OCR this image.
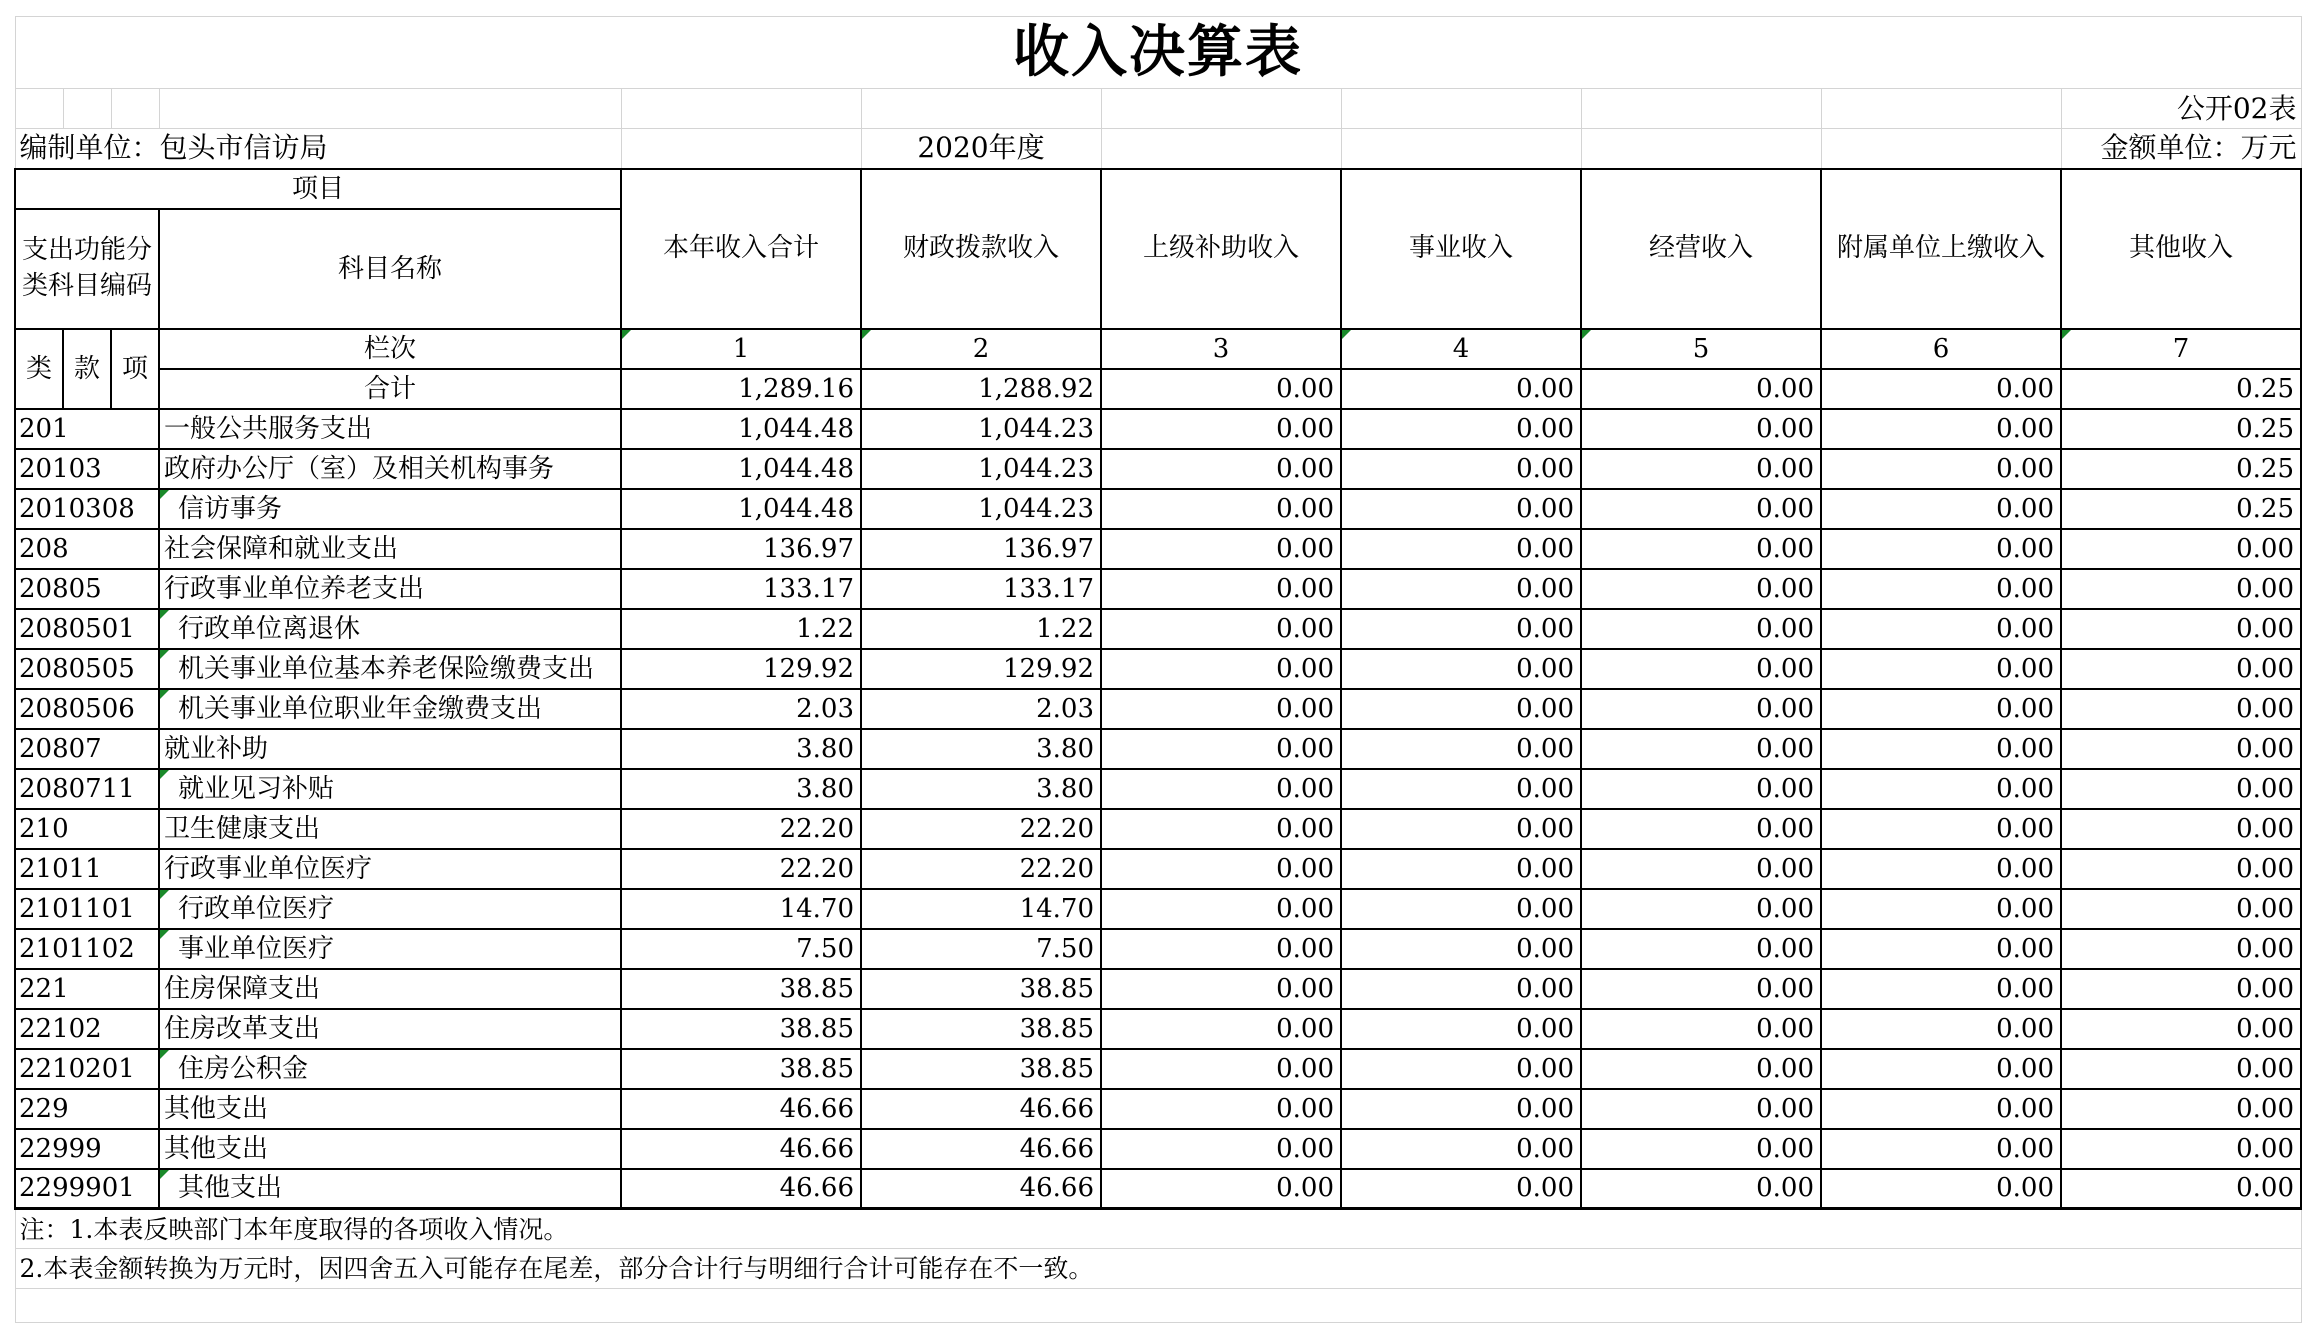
收入决算表										
										公开02表
编制单位：包头市信访局					2020年度					金额单位：万元
项目				本年收入合计	财政拨款收入	上级补助收入	事业收入	经营收入	附属单位上缴收入	其他收入
支出功能分类科目编码			科目名称							
类	款	项	栏次	1	2	3	4	5	6	7
			合计	1,289.16	1,288.92	0.00	0.00	0.00	0.00	0.25
201			一般公共服务支出	1,044.48	1,044.23	0.00	0.00	0.00	0.00	0.25
20103			政府办公厅（室）及相关机构事务	1,044.48	1,044.23	0.00	0.00	0.00	0.00	0.25
2010308			信访事务	1,044.48	1,044.23	0.00	0.00	0.00	0.00	0.25
208			社会保障和就业支出	136.97	136.97	0.00	0.00	0.00	0.00	0.00
20805			行政事业单位养老支出	133.17	133.17	0.00	0.00	0.00	0.00	0.00
2080501			行政单位离退休	1.22	1.22	0.00	0.00	0.00	0.00	0.00
2080505			机关事业单位基本养老保险缴费支出	129.92	129.92	0.00	0.00	0.00	0.00	0.00
2080506			机关事业单位职业年金缴费支出	2.03	2.03	0.00	0.00	0.00	0.00	0.00
20807			就业补助	3.80	3.80	0.00	0.00	0.00	0.00	0.00
2080711			就业见习补贴	3.80	3.80	0.00	0.00	0.00	0.00	0.00
210			卫生健康支出	22.20	22.20	0.00	0.00	0.00	0.00	0.00
21011			行政事业单位医疗	22.20	22.20	0.00	0.00	0.00	0.00	0.00
2101101			行政单位医疗	14.70	14.70	0.00	0.00	0.00	0.00	0.00
2101102			事业单位医疗	7.50	7.50	0.00	0.00	0.00	0.00	0.00
221			住房保障支出	38.85	38.85	0.00	0.00	0.00	0.00	0.00
22102			住房改革支出	38.85	38.85	0.00	0.00	0.00	0.00	0.00
2210201			住房公积金	38.85	38.85	0.00	0.00	0.00	0.00	0.00
229			其他支出	46.66	46.66	0.00	0.00	0.00	0.00	0.00
22999			其他支出	46.66	46.66	0.00	0.00	0.00	0.00	0.00
2299901			其他支出	46.66	46.66	0.00	0.00	0.00	0.00	0.00
注：1.本表反映部门本年度取得的各项收入情况。										
2.本表金额转换为万元时，因四舍五入可能存在尾差，部分合计行与明细行合计可能存在不一致。										
